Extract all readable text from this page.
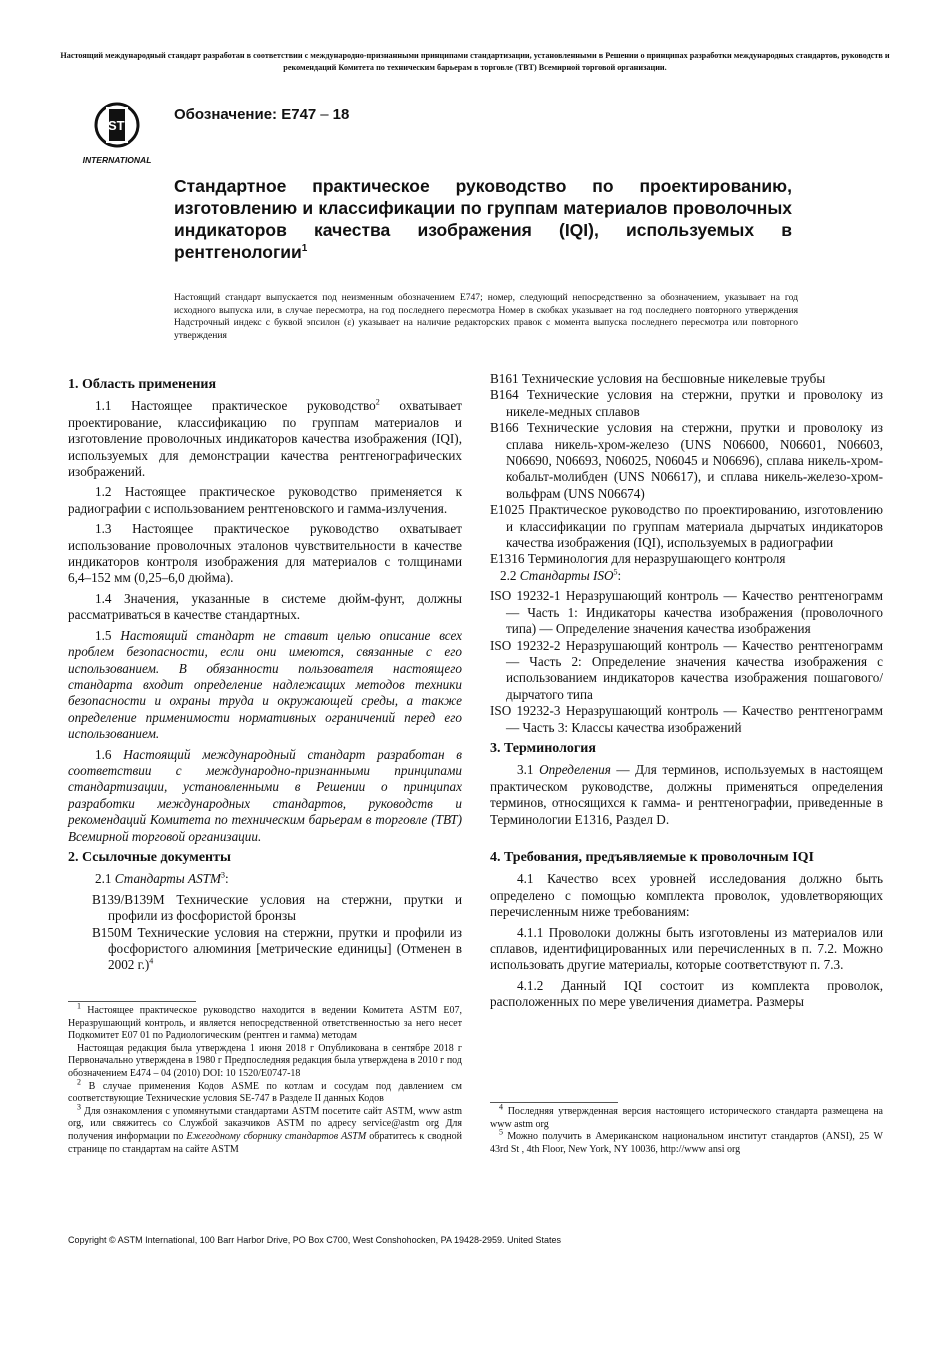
Настоящий международный стандарт разработан в соответствии с международно-признанными принципами стандартизации, установленными в Решении о принципах разработки международных стандартов, руководств и рекомендаций Комитета по техническим барьерам в торговле (ТВТ) Всемирной торговой организации.
ASTM
INTERNATIONAL
Обозначение: E747 – 18
Стандартное практическое руководство по проектированию, изготовлению и классификации по группам материалов проволочных индикаторов качества изображения (IQI), используемых в рентгенологии$^1$
Настоящий стандарт выпускается под неизменным обозначением E747; номер, следующий непосредственно за обозначением, указывает на год исходного выпуска или, в случае пересмотра, на год последнего пересмотра Номер в скобках указывает на год последнего повторного утверждения Надстрочный индекс с буквой эпсилон (ε) указывает на наличие редакторских правок с момента выпуска последнего пересмотра или повторного утверждения
1. Область применения

1.1 Настоящее практическое руководство$^2$ охватывает проектирование, классификацию по группам материалов и изготовление проволочных индикаторов качества изображения (IQI), используемых для демонстрации качества рентгенографических изображений.

1.2 Настоящее практическое руководство применяется к радиографии с использованием рентгеновского и гамма-излучения.

1.3 Настоящее практическое руководство охватывает использование проволочных эталонов чувствительности в качестве индикаторов контроля изображения для материалов с толщинами 6,4–152 мм (0,25–6,0 дюйма).

1.4 Значения, указанные в системе дюйм-фунт, должны рассматриваться в качестве стандартных.

1.5 Настоящий стандарт не ставит целью описание всех проблем безопасности, если они имеются, связанные с его использованием. В обязанности пользователя настоящего стандарта входит определение надлежащих методов техники безопасности и охраны труда и окружающей среды, а также определение применимости нормативных ограничений перед его использованием.

1.6 Настоящий международный стандарт разработан в соответствии с международно-признанными принципами стандартизации, установленными в Решении о принципах разработки международных стандартов, руководств и рекомендаций Комитета по техническим барьерам в торговле (ТВТ) Всемирной торговой организации.

2. Ссылочные документы

2.1 Стандарты ASTM$^3$:

B139/B139M Технические условия на стержни, прутки и профили из фосфористой бронзы

B150M Технические условия на стержни, прутки и профили из фосфористого алюминия [метрические единицы] (Отменен в 2002 г.)$^4$

$^1$ Настоящее практическое руководство находится в ведении Комитета ASTM E07, Неразрушающий контроль, и является непосредственной ответственностью за него несет Подкомитет E07 01 по Радиологическим (рентген и гамма) методам

Настоящая редакция была утверждена 1 июня 2018 г Опубликована в сентябре 2018 г Первоначально утверждена в 1980 г Предпоследняя редакция была утверждена в 2010 г под обозначением E474 – 04 (2010) DOI: 10 1520/E0747-18

$^2$ В случае применения Кодов ASME по котлам и сосудам под давлением см соответствующие Технические условия SE-747 в Разделе II данных Кодов

$^3$ Для ознакомления с упомянутыми стандартами ASTM посетите сайт ASTM, www astm org, или свяжитесь со Службой заказчиков ASTM по адресу service@astm org Для получения информации по Ежегодному сборнику стандартов ASTM обратитесь к сводной странице по стандартам на сайте ASTM

B161 Технические условия на бесшовные никелевые трубы

B164 Технические условия на стержни, прутки и проволоку из никеле-медных сплавов

B166 Технические условия на стержни, прутки и проволоку из сплава никель-хром-железо (UNS N06600, N06601, N06603, N06690, N06693, N06025, N06045 и N06696), сплава никель-хром-кобальт-молибден (UNS N06617), и сплава никель-железо-хром-вольфрам (UNS N06674)

E1025 Практическое руководство по проектированию, изготовлению и классификации по группам материала дырчатых индикаторов качества изображения (IQI), используемых в радиографии

E1316 Терминология для неразрушающего контроля

2.2 Стандарты ISO$^5$:

ISO 19232-1 Неразрушающий контроль — Качество рентгенограмм — Часть 1: Индикаторы качества изображения (проволочного типа) — Определение значения качества изображения

ISO 19232-2 Неразрушающий контроль — Качество рентгенограмм — Часть 2: Определение значения качества изображения с использованием индикаторов качества изображения пошагового/дырчатого типа

ISO 19232-3 Неразрушающий контроль — Качество рентгенограмм — Часть 3: Классы качества изображений

3. Терминология

3.1 Определения — Для терминов, используемых в настоящем практическом руководстве, должны применяться определения терминов, относящихся к гамма- и рентгенографии, приведенные в Терминологии E1316, Раздел D.

4. Требования, предъявляемые к проволочным IQI

4.1 Качество всех уровней исследования должно быть определено с помощью комплекта проволок, удовлетворяющих перечисленным ниже требованиям:

4.1.1 Проволоки должны быть изготовлены из материалов или сплавов, идентифицированных или перечисленных в п. 7.2. Можно использовать другие материалы, которые соответствуют п. 7.3.

4.1.2 Данный IQI состоит из комплекта проволок, расположенных по мере увеличения диаметра. Размеры

$^4$ Последняя утвержденная версия настоящего исторического стандарта размещена на www astm org

$^5$ Можно получить в Американском национальном институт стандартов (ANSI), 25 W 43rd St , 4th Floor, New York, NY 10036, http://www ansi org

Copyright © ASTM International, 100 Barr Harbor Drive, PO Box C700, West Conshohocken, PA 19428-2959. United States
